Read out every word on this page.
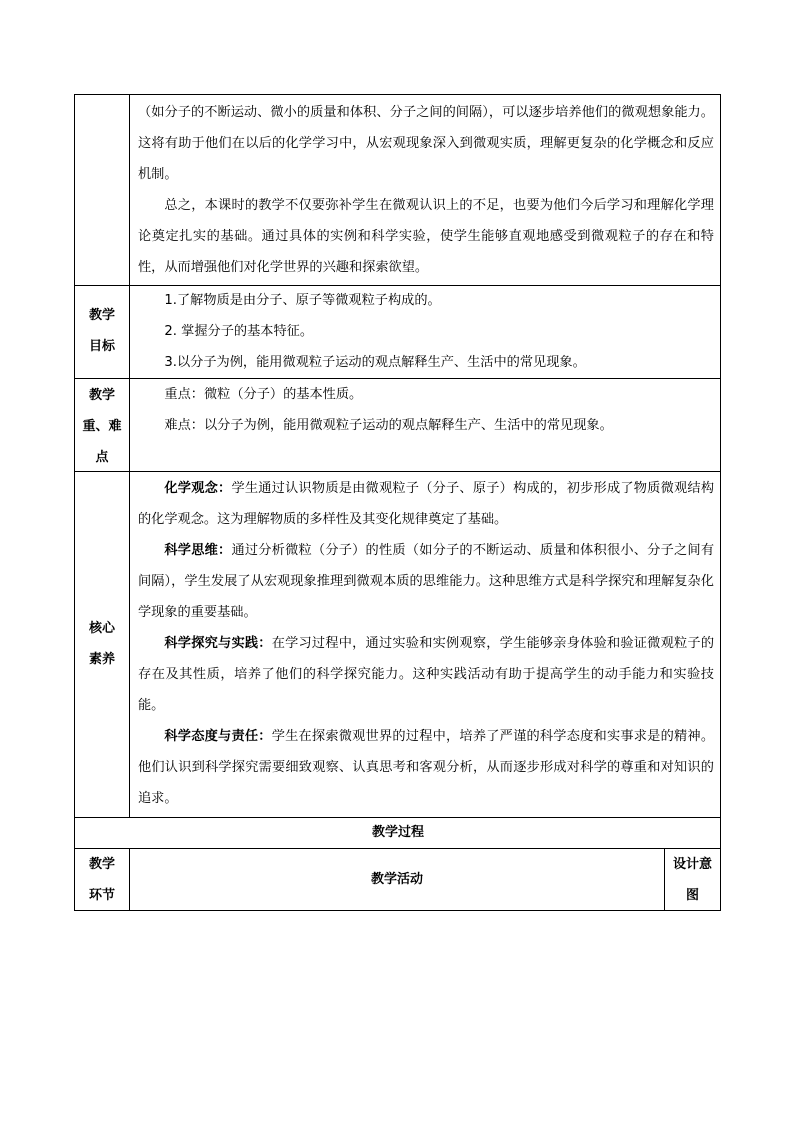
（如分子的不断运动、微小的质量和体积、分子之间的间隔），可以逐步培养他们的微观想象能力。这将有助于他们在以后的化学学习中，从宏观现象深入到微观实质，理解更复杂的化学概念和反应机制。
总之，本课时的教学不仅要弥补学生在微观认识上的不足，也要为他们今后学习和理解化学理论奠定扎实的基础。通过具体的实例和科学实验，使学生能够直观地感受到微观粒子的存在和特性，从而增强他们对化学世界的兴趣和探索欲望。
教学
目标
1.了解物质是由分子、原子等微观粒子构成的。
2. 掌握分子的基本特征。
3.以分子为例，能用微观粒子运动的观点解释生产、生活中的常见现象。
教学
重、难
点
重点：微粒（分子）的基本性质。
难点：以分子为例，能用微观粒子运动的观点解释生产、生活中的常见现象。
核心
素养
化学观念：学生通过认识物质是由微观粒子（分子、原子）构成的，初步形成了物质微观结构的化学观念。这为理解物质的多样性及其变化规律奠定了基础。
科学思维：通过分析微粒（分子）的性质（如分子的不断运动、质量和体积很小、分子之间有间隔），学生发展了从宏观现象推理到微观本质的思维能力。这种思维方式是科学探究和理解复杂化学现象的重要基础。
科学探究与实践：在学习过程中，通过实验和实例观察，学生能够亲身体验和验证微观粒子的存在及其性质，培养了他们的科学探究能力。这种实践活动有助于提高学生的动手能力和实验技能。
科学态度与责任：学生在探索微观世界的过程中，培养了严谨的科学态度和实事求是的精神。他们认识到科学探究需要细致观察、认真思考和客观分析，从而逐步形成对科学的尊重和对知识的追求。
教学过程
教学
环节
教学活动
设计意
图
